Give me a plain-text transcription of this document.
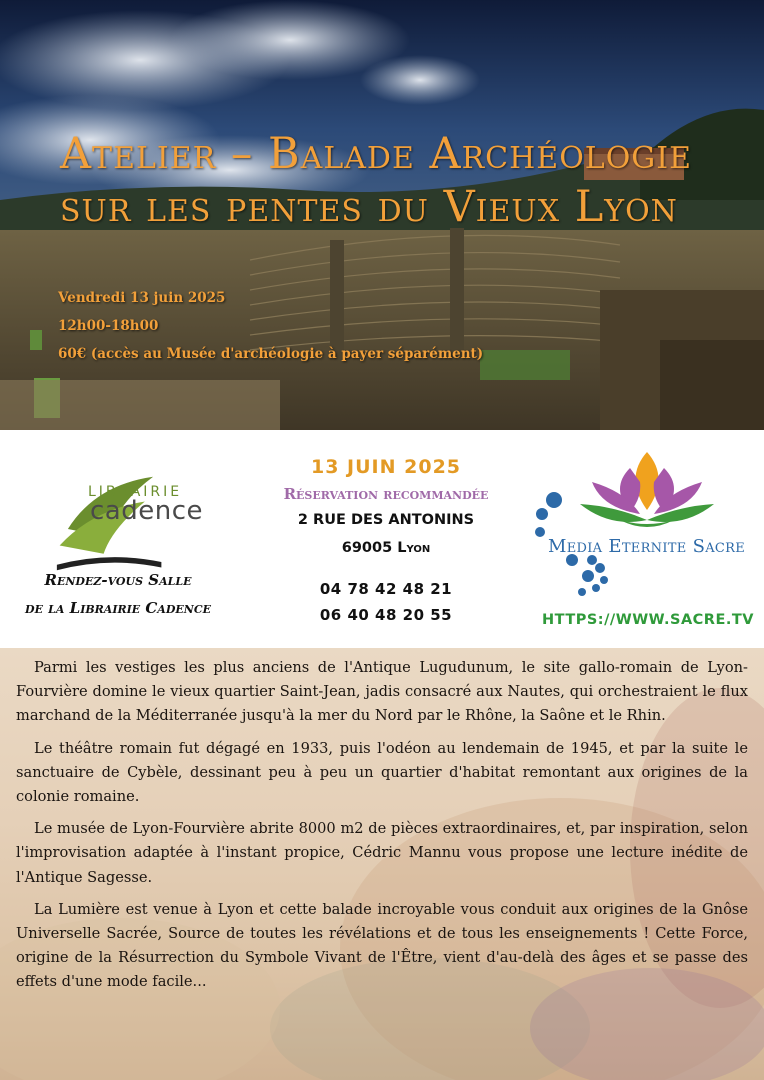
Atelier – Balade Archéologie sur les pentes du Vieux Lyon
Vendredi 13 juin 2025
12h00-18h00
60€ (accès au Musée d'archéologie à payer séparément)
LIBRAIRIE
cadence
Rendez-vous Salle
de la Librairie Cadence
13 JUIN 2025
Réservation recommandée
2 RUE DES ANTONINS
69005 Lyon
04 78 42 48 21
06 40 48 20 55
Media Eternite Sacre
HTTPS://WWW.SACRE.TV

Parmi les vestiges les plus anciens de l'Antique Lugudunum, le site gallo-romain de Lyon-Fourvière domine le vieux quartier Saint-Jean, jadis consacré aux Nautes, qui orchestraient le flux marchand de la Méditerranée jusqu'à la mer du Nord par le Rhône, la Saône et le Rhin.

Le théâtre romain fut dégagé en 1933, puis l'odéon au lendemain de 1945, et par la suite le sanctuaire de Cybèle, dessinant peu à peu un quartier d'habitat remontant aux origines de la colonie romaine.

Le musée de Lyon-Fourvière abrite 8000 m2 de pièces extraordinaires, et, par inspiration, selon l'improvisation adaptée à l'instant propice, Cédric Mannu vous propose une lecture inédite de l'Antique Sagesse.

La Lumière est venue à Lyon et cette balade incroyable vous conduit aux origines de la Gnôse Universelle Sacrée, Source de toutes les révélations et de tous les enseignements ! Cette Force, origine de la Résurrection du Symbole Vivant de l'Être, vient d'au-delà des âges et se passe des effets d'une mode facile...
